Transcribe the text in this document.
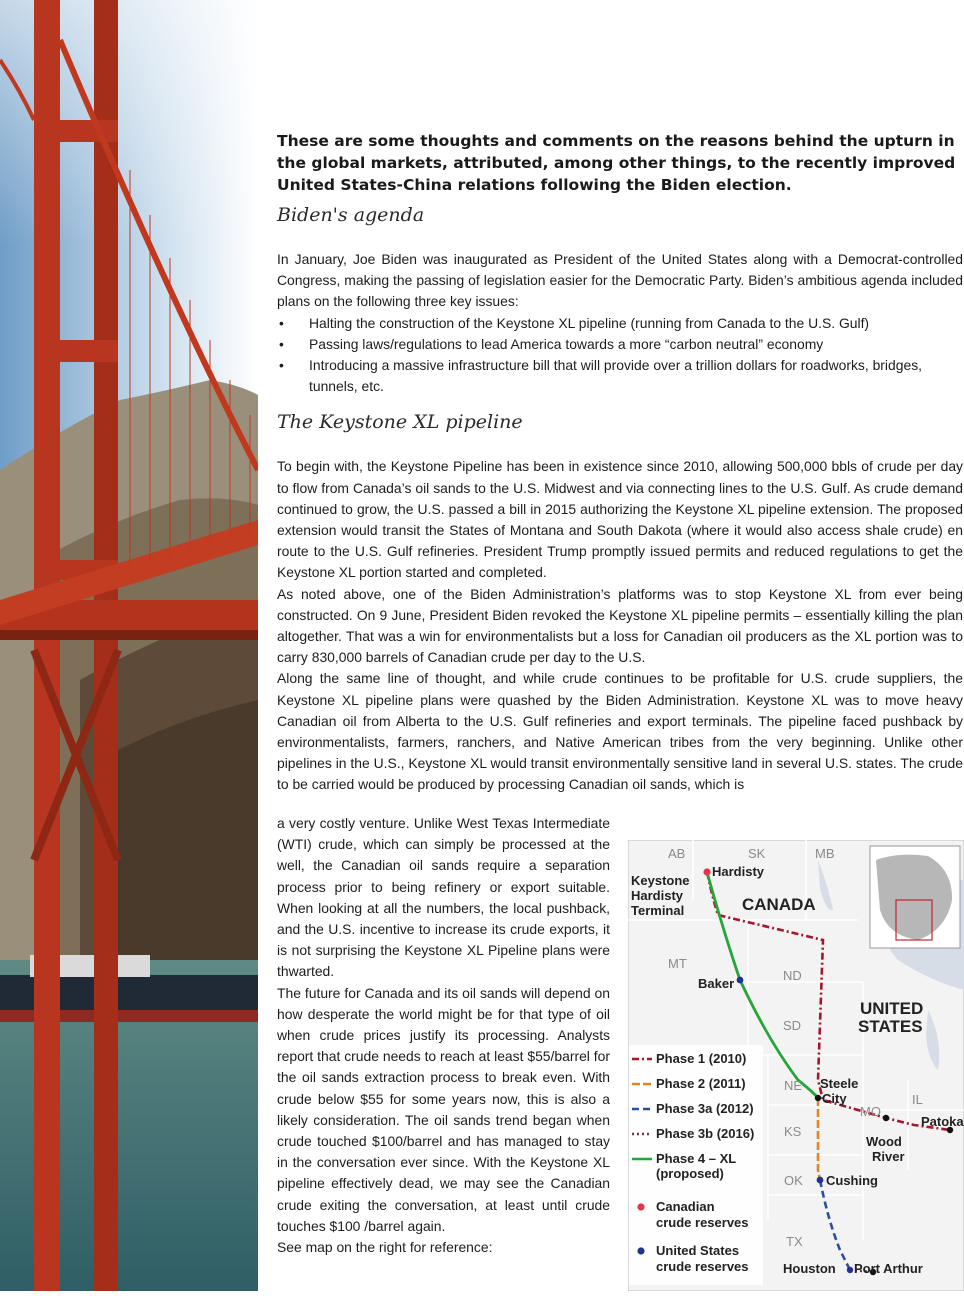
These are some thoughts and comments on the reasons behind the upturn in the global markets, attributed, among other things, to the recently improved United States-China relations following the Biden election.

Biden's agenda

In January, Joe Biden was inaugurated as President of the United States along with a Democrat-controlled Congress, making the passing of legislation easier for the Democratic Party. Biden’s ambitious agenda included plans on the following three key issues:

• Halting the construction of the Keystone XL pipeline (running from Canada to the U.S. Gulf)
• Passing laws/regulations to lead America towards a more “carbon neutral” economy
• Introducing a massive infrastructure bill that will provide over a trillion dollars for roadworks, bridges, tunnels, etc.
The Keystone XL pipeline

To begin with, the Keystone Pipeline has been in existence since 2010, allowing 500,000 bbls of crude per day to flow from Canada’s oil sands to the U.S. Midwest and via connecting lines to the U.S. Gulf. As crude demand continued to grow, the U.S. passed a bill in 2015 authorizing the Keystone XL pipeline extension. The proposed extension would transit the States of Montana and South Dakota (where it would also access shale crude) en route to the U.S. Gulf refineries. President Trump promptly issued permits and reduced regulations to get the Keystone XL portion started and completed.

As noted above, one of the Biden Administration’s platforms was to stop Keystone XL from ever being constructed. On 9 June, President Biden revoked the Keystone XL pipeline permits – essentially killing the plan altogether. That was a win for environmentalists but a loss for Canadian oil producers as the XL portion was to carry 830,000 barrels of Canadian crude per day to the U.S.

Along the same line of thought, and while crude continues to be profitable for U.S. crude suppliers, the Keystone XL pipeline plans were quashed by the Biden Administration. Keystone XL was to move heavy Canadian oil from Alberta to the U.S. Gulf refineries and export terminals. The pipeline faced pushback by environmentalists, farmers, ranchers, and Native American tribes from the very beginning. Unlike other pipelines in the U.S., Keystone XL would transit environmentally sensitive land in several U.S. states. The crude to be carried would be produced by processing Canadian oil sands, which is

a very costly venture. Unlike West Texas Intermediate (WTI) crude, which can simply be processed at the well, the Canadian oil sands require a separation process prior to being refinery or export suitable. When looking at all the numbers, the local pushback, and the U.S. incentive to increase its crude exports, it is not surprising the Keystone XL Pipeline plans were thwarted.

The future for Canada and its oil sands will depend on how desperate the world might be for that type of oil when crude prices justify its processing. Analysts report that crude needs to reach at least $55/barrel for the oil sands extraction process to break even. With crude below $55 for some years now, this is also a likely consideration. The oil sands trend began when crude touched $100/barrel and has managed to stay in the conversation ever since. With the Keystone XL pipeline effectively dead, we may see the Canadian crude exiting the conversation, at least until crude touches $100 /barrel again.

See map on the right for reference:

AB	SK	MB
MT
ND
SD
NE
KS
OK
TX
MO
IL
CANADA
UNITED
STATES
Keystone
Hardisty
Terminal
Hardisty
Baker
Steele
City
Patoka
Wood
River
Cushing
Houston Port Arthur
Phase 1 (2010)
Phase 2 (2011)
Phase 3a (2012)
Phase 3b (2016)
Phase 4 – XL
(proposed)
Canadian
crude reserves
United States
crude reserves
